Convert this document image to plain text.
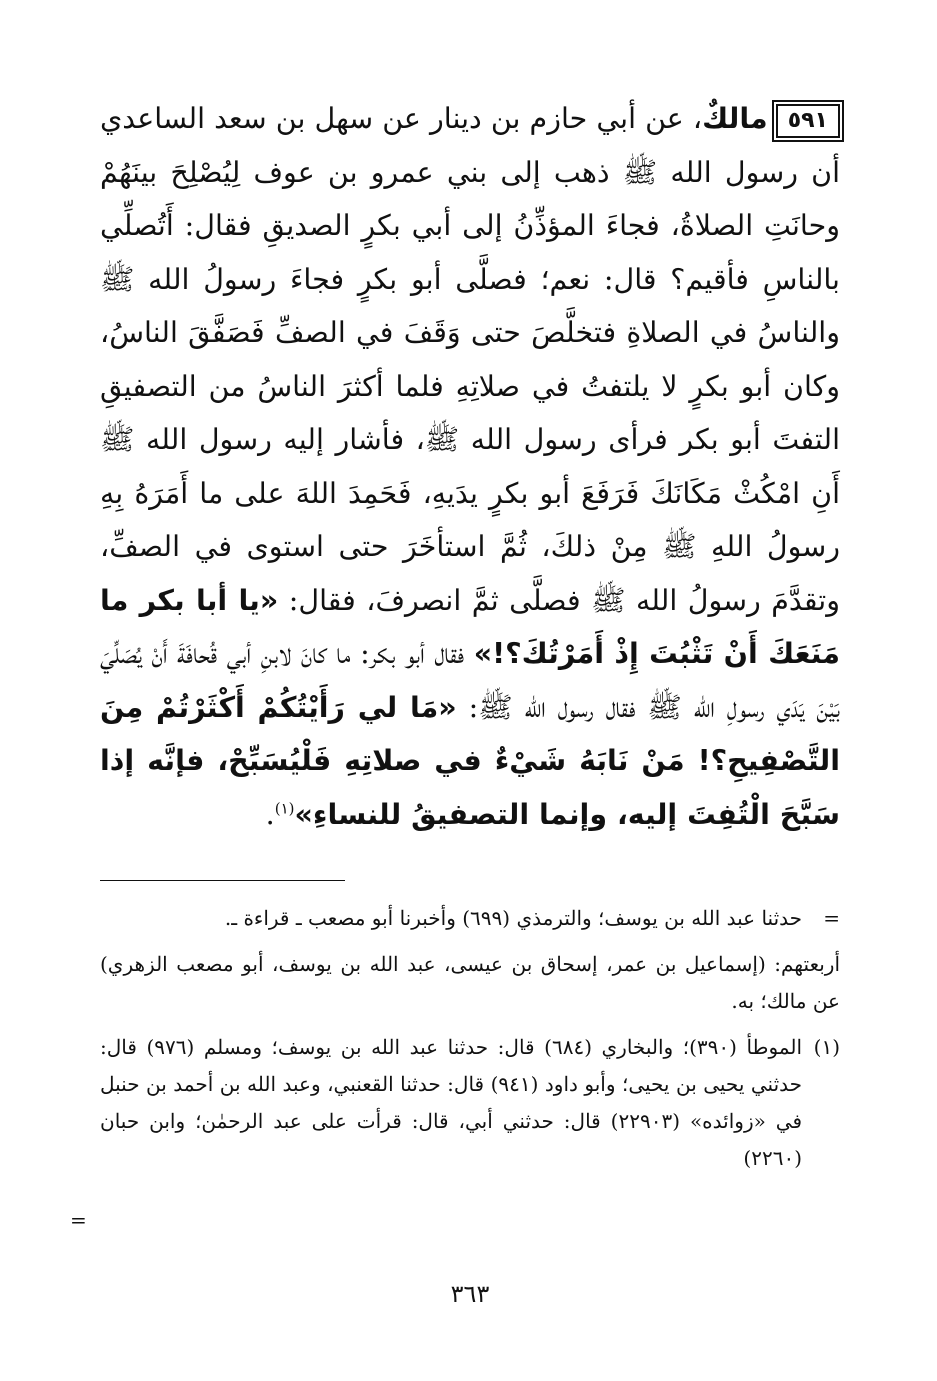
٥٩١مالكٌ، عن أبي حازم بن دينار عن سهل بن سعد الساعدي أن رسول الله ﷺ ذهب إلى بني عمرو بن عوف لِيُصْلِحَ بينَهُمْ وحانَتِ الصلاةُ، فجاءَ المؤذِّنُ إلى أبي بكرٍ الصديقِ فقال: أَتُصلِّي بالناسِ فأقيم؟ قال: نعم؛ فصلَّى أبو بكرٍ فجاءَ رسولُ الله ﷺ والناسُ في الصلاةِ فتخلَّصَ حتى وَقَفَ في الصفِّ فَصَفَّقَ الناسُ، وكان أبو بكرٍ لا يلتفتُ في صلاتِهِ فلما أكثرَ الناسُ من التصفيقِ التفتَ أبو بكر فرأى رسول الله ﷺ، فأشار إليه رسول الله ﷺ أَنِ امْكُثْ مَكَانَكَ فَرَفَعَ أبو بكرٍ يدَيهِ، فَحَمِدَ اللهَ على ما أَمَرَهُ بِهِ رسولُ اللهِ ﷺ مِنْ ذلكَ، ثُمَّ استأخَرَ حتى استوى في الصفِّ، وتقدَّمَ رسولُ الله ﷺ فصلَّى ثمَّ انصرفَ، فقال: «يا أبا بكر ما مَنَعَكَ أَنْ تَثْبُتَ إِذْ أَمَرْتُكَ؟!» فقال أبو بكر: ما كانَ لابنِ أبي قُحافَةَ أَنْ يُصَلِّيَ بَيْنَ يَدَي رسولِ الله ﷺ فقال رسول الله ﷺ: «مَا لي رَأَيْتُكُمْ أَكْثَرْتُمْ مِنَ التَّصْفِيحِ؟! مَنْ نَابَهُ شَيْءٌ في صلاتِهِ فَلْيُسَبِّحْ، فإنَّه إذا سَبَّحَ الْتُفِتَ إليه، وإنما التصفيقُ للنساءِ»$^{(١)}$.

=
حدثنا عبد الله بن يوسف؛ والترمذي (٦٩٩) وأخبرنا أبو مصعب ـ قراءة ـ.
أربعتهم: (إسماعيل بن عمر، إسحاق بن عيسى، عبد الله بن يوسف، أبو مصعب الزهري) عن مالك؛ به.
(١)
الموطأ (٣٩٠)؛ والبخاري (٦٨٤) قال: حدثنا عبد الله بن يوسف؛ ومسلم (٩٧٦) قال: حدثني يحيى بن يحيى؛ وأبو داود (٩٤١) قال: حدثنا القعنبي، وعبد الله بن أحمد بن حنبل في «زوائده» (٢٢٩٠٣) قال: حدثني أبي، قال: قرأت على عبد الرحمٰن؛ وابن حبان (٢٢٦٠)
=
٣٦٣
